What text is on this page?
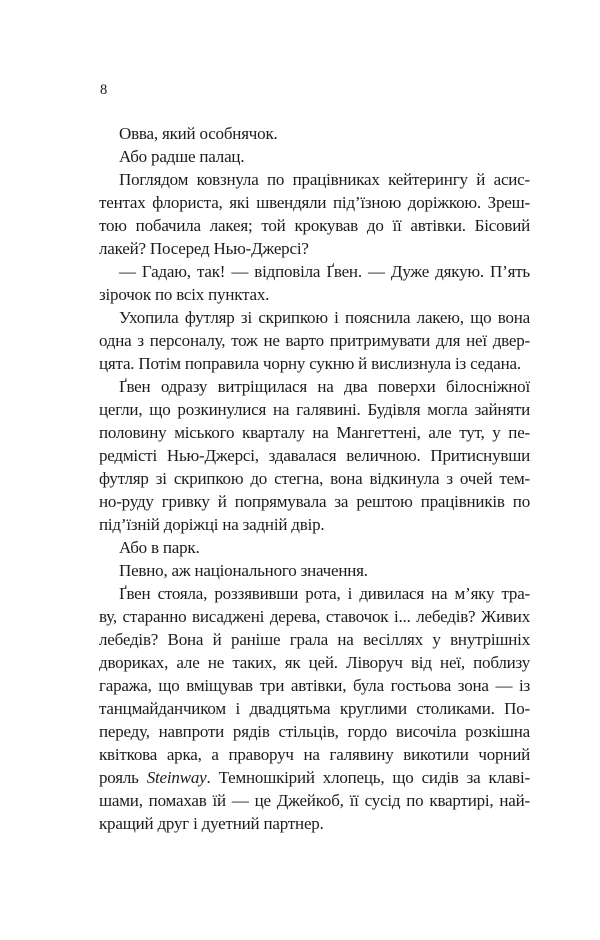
8
Овва, який особнячок.
Або радше палац.
Поглядом ковзнула по працівниках кейтерингу й асис-
тентах флориста, які швендяли під’їзною доріжкою. Зреш-
тою побачила лакея; той крокував до її автівки. Бісовий
лакей? Посеред Нью-Джерсі?
— Гадаю, так! — відповіла Ґвен. — Дуже дякую. П’ять
зірочок по всіх пунктах.
Ухопила футляр зі скрипкою і пояснила лакею, що вона
одна з персоналу, тож не варто притримувати для неї двер-
цята. Потім поправила чорну сукню й вислизнула із седана.
Ґвен одразу витріщилася на два поверхи білосніжної
цегли, що розкинулися на галявині. Будівля могла зайняти
половину міського кварталу на Мангеттені, але тут, у пе-
редмісті Нью-Джерсі, здавалася величною. Притиснувши
футляр зі скрипкою до стегна, вона відкинула з очей тем-
но-руду гривку й попрямувала за рештою працівників по
під’їзній доріжці на задній двір.
Або в парк.
Певно, аж національного значення.
Ґвен стояла, роззявивши рота, і дивилася на м’яку тра-
ву, старанно висаджені дерева, ставочок і... лебедів? Живих
лебедів? Вона й раніше грала на весіллях у внутрішніх
двориках, але не таких, як цей. Ліворуч від неї, поблизу
гаража, що вміщував три автівки, була гостьова зона — із
танцмайданчиком і двадцятьма круглими столиками. По-
переду, навпроти рядів стільців, гордо височіла розкішна
квіткова арка, а праворуч на галявину викотили чорний
рояль Steinway. Темношкірий хлопець, що сидів за клаві-
шами, помахав їй — це Джейкоб, її сусід по квартирі, най-
кращий друг і дуетний партнер.
